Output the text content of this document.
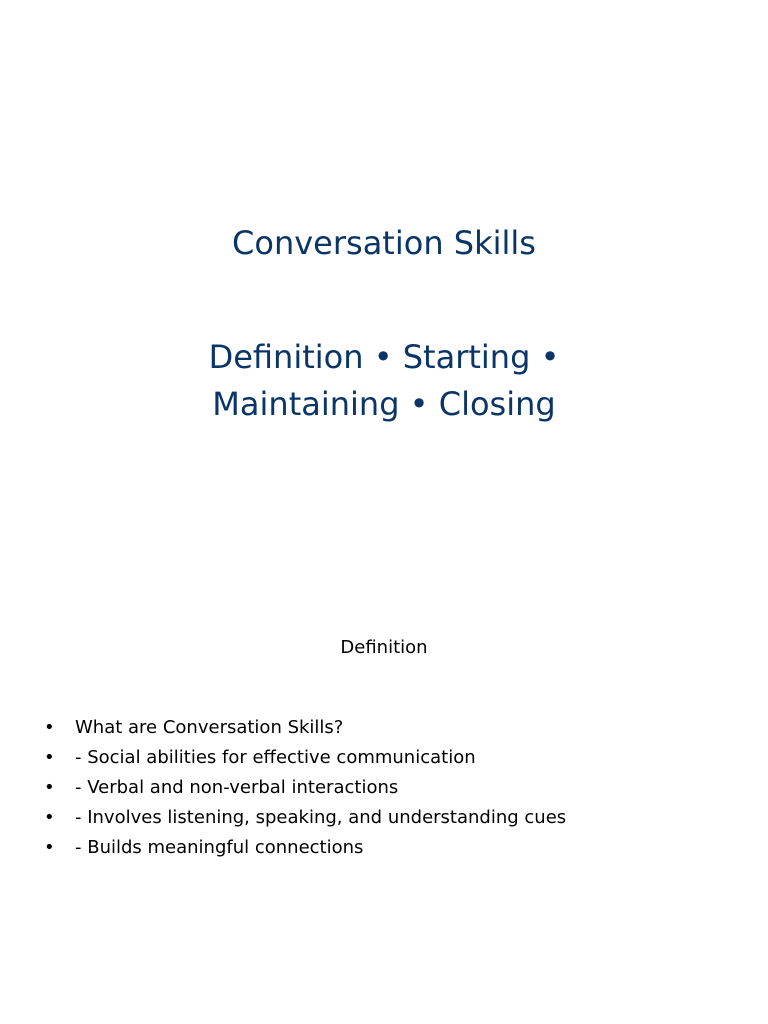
Conversation Skills
Definition • Starting •
Maintaining • Closing
Definition
• What are Conversation Skills?
• - Social abilities for effective communication
• - Verbal and non-verbal interactions
• - Involves listening, speaking, and understanding cues
• - Builds meaningful connections
